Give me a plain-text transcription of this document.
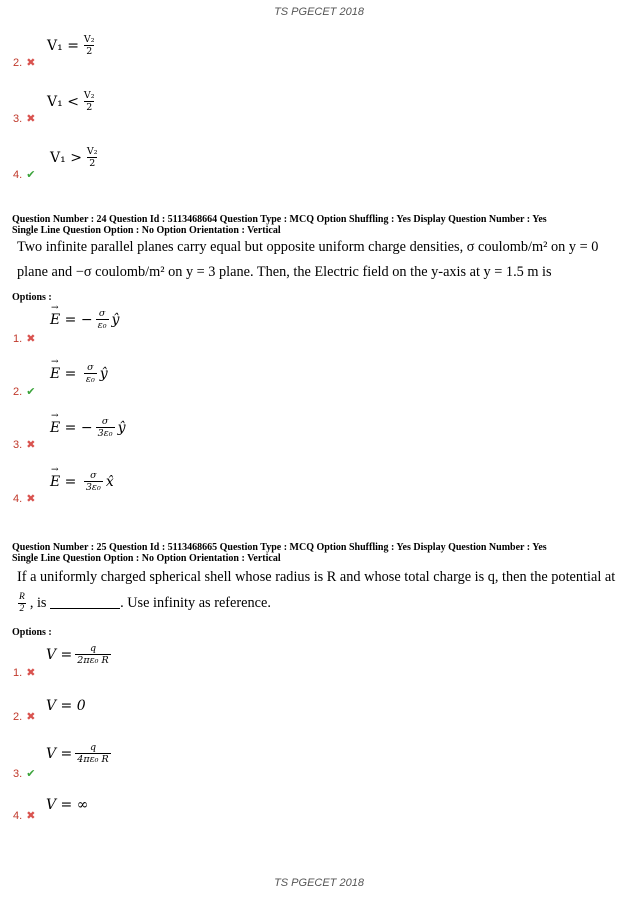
TS PGECET 2018
2. ✖
V₁
= $\frac{\text{V₂}}{2}$
3. ✖
V₁
< $\frac{\text{V₂}}{2}$
4. ✔
V₁
> $\frac{\text{V₂}}{2}$
Question Number : 24 Question Id : 5113468664 Question Type : MCQ Option Shuffling : Yes Display Question Number : Yes
Single Line Question Option : No Option Orientation : Vertical
Two infinite parallel planes carry equal but opposite uniform charge densities, σ coulomb/m² on y = 0
plane and −σ coulomb/m² on y = 3 plane. Then, the Electric field on the y-axis at y = 1.5 m is
Options :
1. ✖
→ E = − $\frac{\sigma}{\text{ε₀}}$ ŷ
2. ✔
→ $E = \frac{\sigma}{\text{ε₀}}$ ŷ
3. ✖
→ E = − $\frac{\sigma}{\text{3ε₀}}$ ŷ
4. ✖
→ $E = \frac{\sigma}{\text{3ε₀}}$ x̂
Question Number : 25 Question Id : 5113468665 Question Type : MCQ Option Shuffling : Yes Display Question Number : Yes
Single Line Question Option : No Option Orientation : Vertical
If a uniformly charged spherical shell whose radius is R and whose total charge is q, then the potential at
$\frac{R}{2}$ , is
	. Use infinity as reference.
Options :
1. ✖
$V = \frac{q}{\text{2πε₀ R}}$
2. ✖
V = 0
3. ✔
$V = \frac{q}{\text{4πε₀ R}}$
4. ✖
V = ∞
TS PGECET 2018
